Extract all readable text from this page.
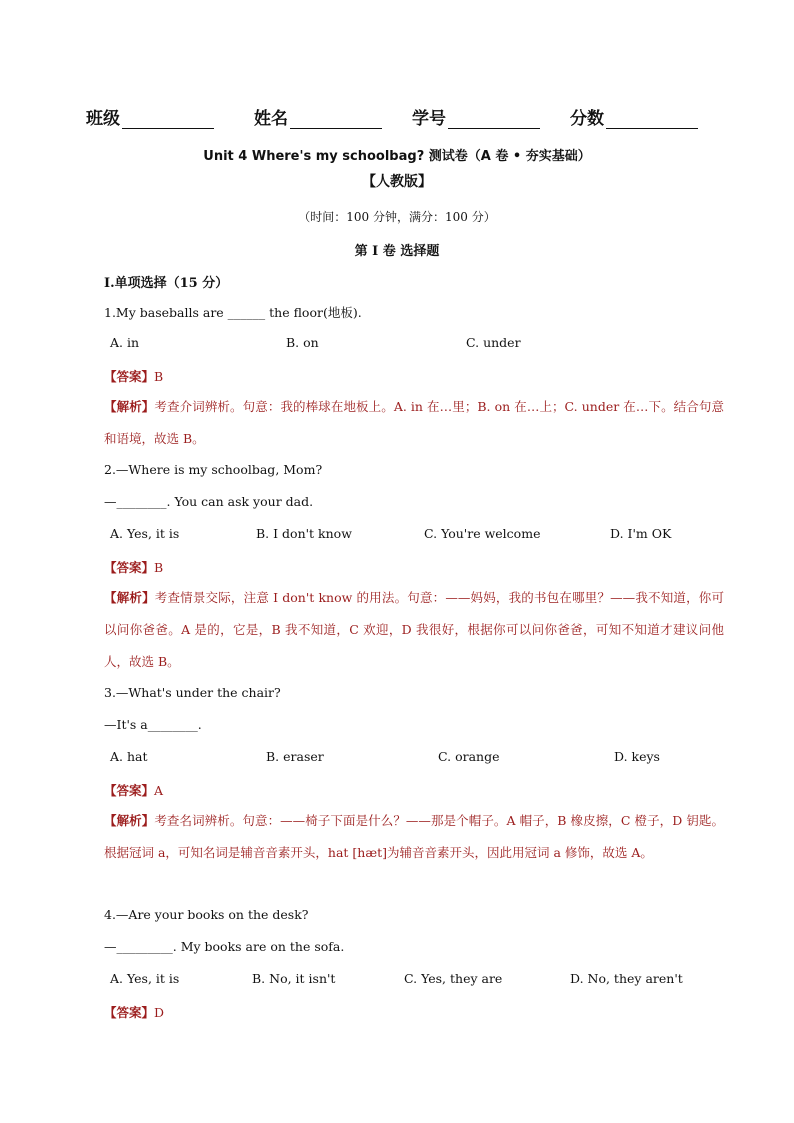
班级	姓名	学号	分数
Unit 4 Where's my schoolbag? 测试卷（A 卷 • 夯实基础）
【人教版】
（时间：100 分钟，满分：100 分）
第 I 卷 选择题
I.单项选择（15 分）
1.My baseballs are ______ the floor(地板).
A. in	B. on	C. under
【答案】B
【解析】考查介词辨析。句意：我的棒球在地板上。A. in 在…里；B. on 在…上；C. under 在…下。结合句意和语境，故选 B。
2.—Where is my schoolbag, Mom?
—________. You can ask your dad.
A. Yes, it is	B. I don't know	C. You're welcome	D. I'm OK
【答案】B
【解析】考查情景交际，注意 I don't know 的用法。句意：——妈妈，我的书包在哪里？——我不知道，你可以问你爸爸。A 是的，它是，B 我不知道，C 欢迎，D 我很好，根据你可以问你爸爸，可知不知道才建议问他人，故选 B。
3.—What's under the chair?
—It's a________.
A. hat	B. eraser	C. orange	D. keys
【答案】A
【解析】考查名词辨析。句意：——椅子下面是什么？——那是个帽子。A 帽子，B 橡皮擦，C 橙子，D 钥匙。根据冠词 a，可知名词是辅音音素开头，hat [hæt]为辅音音素开头，因此用冠词 a 修饰，故选 A。
4.—Are your books on the desk?
—_________. My books are on the sofa.
A. Yes, it is	B. No, it isn't	C. Yes, they are	D. No, they aren't
【答案】D
